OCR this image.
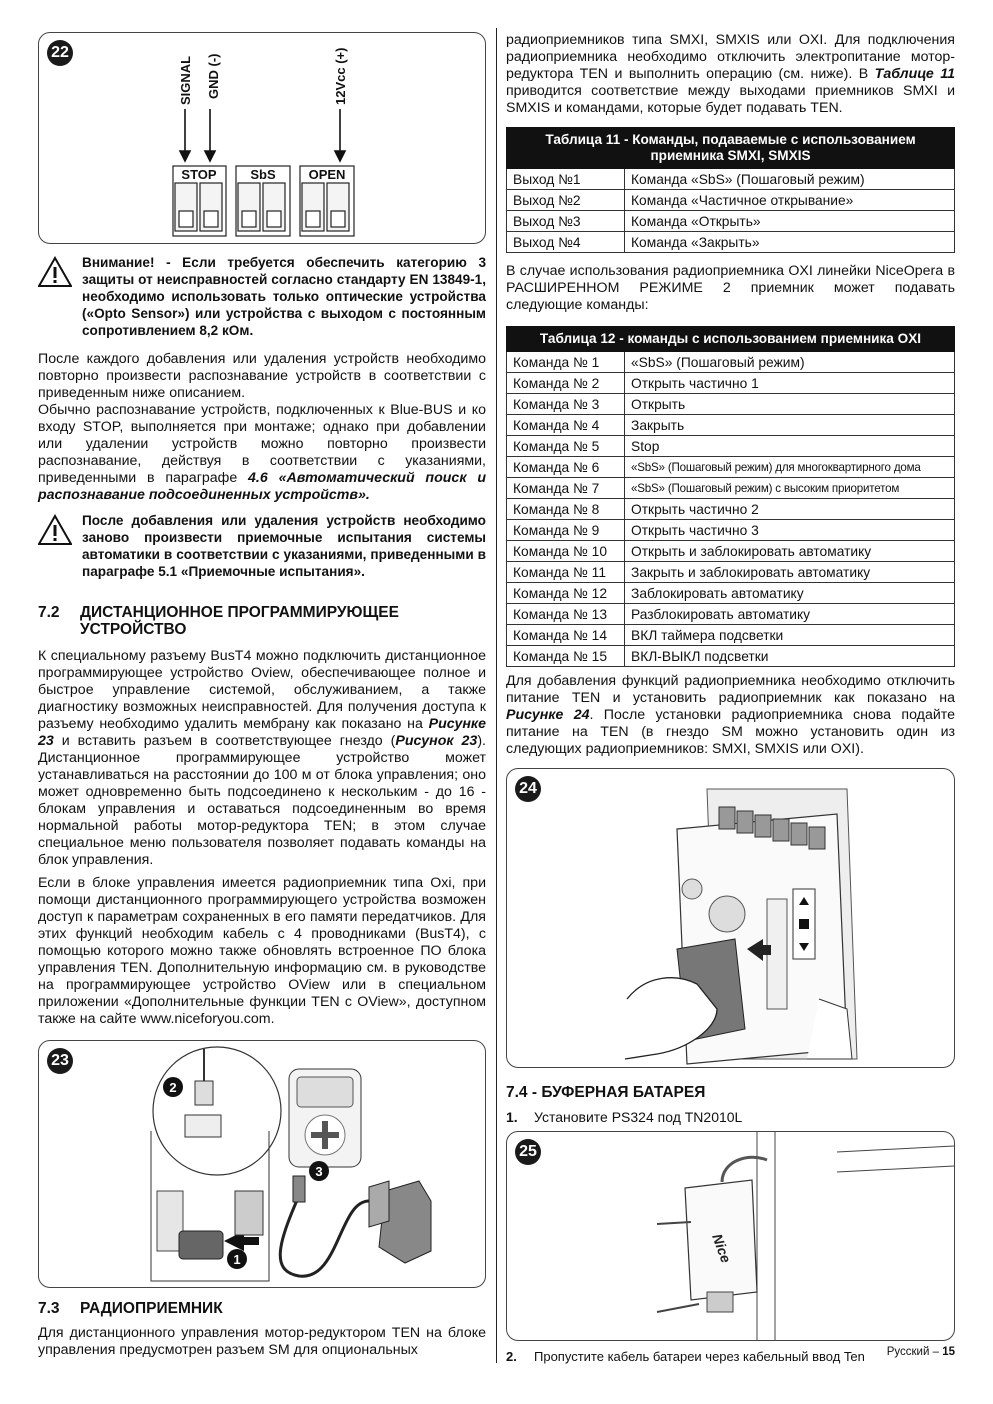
22
SIGNAL GND (-)	12Vcc (+)
STOP	SbS	OPEN
Внимание! - Если требуется обеспечить категорию 3 защиты от неисправностей согласно стандарту EN 13849-1, необходимо использовать только оптические устройства («Opto Sensor») или устройства с выходом с постоянным сопротивлением 8,2 кОм.
После каждого добавления или удаления устройств необходимо повторно произвести распознавание устройств в соответствии с приведенным ниже описанием.
Обычно распознавание устройств, подключенных к Blue-BUS и ко входу STOP, выполняется при монтаже; однако при добавлении или удалении устройств можно повторно произвести распознавание, действуя в соответствии с указаниями, приведенными в параграфе 4.6 «Автоматический поиск и распознавание подсоединенных устройств».
После добавления или удаления устройств необходимо заново произвести приемочные испытания системы автоматики в соответствии с указаниями, приведенными в параграфе 5.1 «Приемочные испытания».
7.2	ДИСТАНЦИОННОЕ ПРОГРАММИРУЮЩЕЕ УСТРОЙСТВО
К специальному разъему BusT4 можно подключить дистанционное программирующее устройство Oview, обеспечивающее полное и быстрое управление системой, обслуживанием, а также диагностику возможных неисправностей. Для получения доступа к разъему необходимо удалить мембрану как показано на Рисунке 23 и вставить разъем в соответствующее гнездо (Рисунок 23). Дистанционное программирующее устройство может устанавливаться на расстоянии до 100 м от блока управления; оно может одновременно быть подсоединено к нескольким - до 16 - блокам управления и оставаться подсоединенным во время нормальной работы мотор-редуктора TEN; в этом случае специальное меню пользователя позволяет подавать команды на блок управления.
Если в блоке управления имеется радиоприемник типа Oxi, при помощи дистанционного программирующего устройства возможен доступ к параметрам сохраненных в его памяти передатчиков. Для этих функций необходим кабель с 4 проводниками (BusT4), с помощью которого можно также обновлять встроенное ПО блока управления TEN. Дополнительную информацию см. в руководстве на программирующее устройство OView или в специальном приложении «Дополнительные функции TEN с OView», доступном также на сайте www.niceforyou.com.
23
1
2
3
7.3	РАДИОПРИЕМНИК
Для дистанционного управления мотор-редуктором TEN на блоке управления предусмотрен разъем SM для опциональных
радиоприемников типа SMXI, SMXIS или OXI. Для подключения радиоприемника необходимо отключить электропитание мотор-редуктора TEN и выполнить операцию (см. ниже). В Таблице 11 приводится соответствие между выходами приемников SMXI и SMXIS и командами, которые будет подавать TEN.
Таблица 11 - Команды, подаваемые с использованием приемника SMXI, SMXIS	
Выход №1	Команда «SbS» (Пошаговый режим)
Выход №2	Команда «Частичное открывание»
Выход №3	Команда «Открыть»
Выход №4	Команда «Закрыть»
В случае использования радиоприемника OXI линейки NiceOpera в РАСШИРЕННОМ РЕЖИМЕ 2 приемник может подавать следующие команды:
Таблица 12 - команды с использованием приемника OXI	
Команда № 1	«SbS» (Пошаговый режим)
Команда № 2	Открыть частично 1
Команда № 3	Открыть
Команда № 4	Закрыть
Команда № 5	Stop
Команда № 6	«SbS» (Пошаговый режим) для многоквартирного дома
Команда № 7	«SbS» (Пошаговый режим) с высоким приоритетом
Команда № 8	Открыть частично 2
Команда № 9	Открыть частично 3
Команда № 10	Открыть и заблокировать автоматику
Команда № 11	Закрыть и заблокировать автоматику
Команда № 12	Заблокировать автоматику
Команда № 13	Разблокировать автоматику
Команда № 14	ВКЛ таймера подсветки
Команда № 15	ВКЛ-ВЫКЛ подсветки
Для добавления функций радиоприемника необходимо отключить питание TEN и установить радиоприемник как показано на Рисунке 24. После установки радиоприемника снова подайте питание на TEN (в гнездо SM можно установить один из следующих радиоприемников: SMXI, SMXIS или OXI).
24
7.4 - БУФЕРНАЯ БАТАРЕЯ
1.	Установите PS324 под TN2010L
25
Nice
2.	Пропустите кабель батареи через кабельный ввод Ten Русский – 15
